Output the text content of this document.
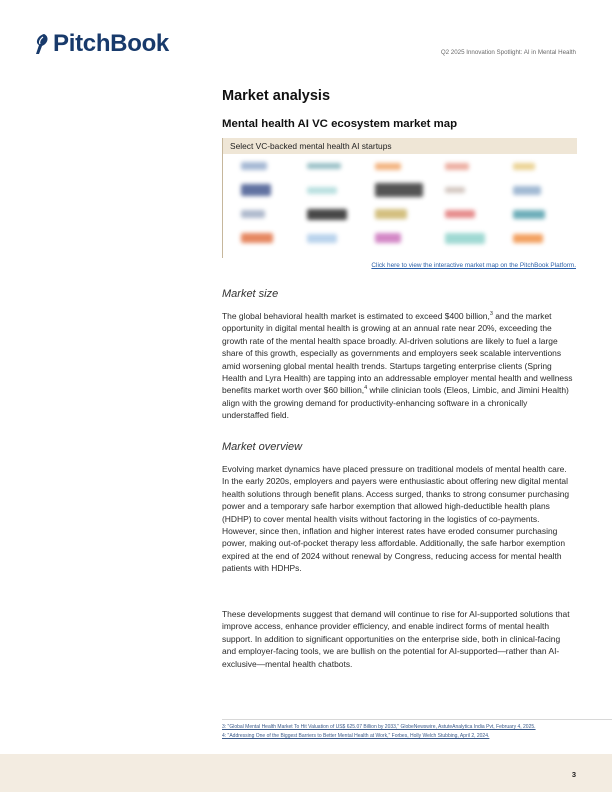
PitchBook	Q2 2025 Innovation Spotlight: AI in Mental Health
Market analysis
Mental health AI VC ecosystem market map
Select VC-backed mental health AI startups
Click here to view the interactive market map on the PitchBook Platform.
Market size

The global behavioral health market is estimated to exceed $400 billion,$^3$ and the market opportunity in digital mental health is growing at an annual rate near 20%, exceeding the growth rate of the mental health space broadly. AI-driven solutions are likely to fuel a large share of this growth, especially as governments and employers seek scalable interventions amid worsening global mental health trends. Startups targeting enterprise clients (Spring Health and Lyra Health) are tapping into an addressable employer mental health and wellness benefits market worth over $60 billion,$^4$ while clinician tools (Eleos, Limbic, and Jimini Health) align with the growing demand for productivity-enhancing software in a chronically understaffed field.

Market overview

Evolving market dynamics have placed pressure on traditional models of mental health care. In the early 2020s, employers and payers were enthusiastic about offering new digital mental health solutions through benefit plans. Access surged, thanks to strong consumer purchasing power and a temporary safe harbor exemption that allowed high-deductible health plans (HDHP) to cover mental health visits without factoring in the logistics of co-payments. However, since then, inflation and higher interest rates have eroded consumer purchasing power, making out-of-pocket therapy less affordable. Additionally, the safe harbor exemption expired at the end of 2024 without renewal by Congress, reducing access for mental health patients with HDHPs.

These developments suggest that demand will continue to rise for AI-supported solutions that improve access, enhance provider efficiency, and enable indirect forms of mental health support. In addition to significant opportunities on the enterprise side, both in clinical-facing and employer-facing tools, we are bullish on the potential for AI-supported—rather than AI-exclusive—mental health chatbots.

3: "Global Mental Health Market To Hit Valuation of US$ 625.07 Billion by 2033," GlobeNewswire, AstuteAnalytica India Pvt, February 4, 2025.
4: "Addressing One of the Biggest Barriers to Better Mental Health at Work," Forbes, Holly Welch Stubbing, April 2, 2024.
3
